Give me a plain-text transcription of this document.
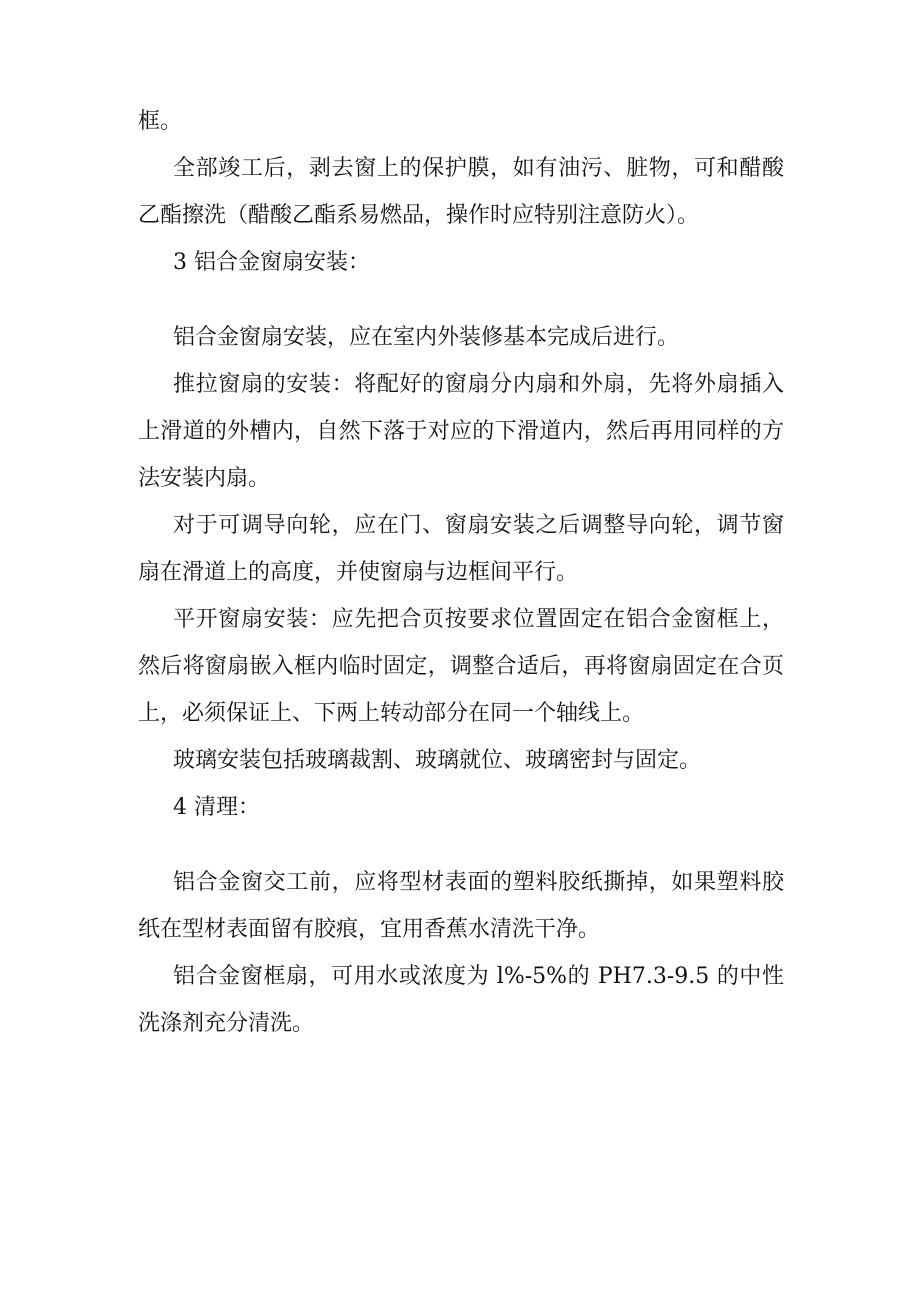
框。

全部竣工后，剥去窗上的保护膜，如有油污、脏物，可和醋酸乙酯擦洗（醋酸乙酯系易燃品，操作时应特别注意防火）。

3 铝合金窗扇安装：

铝合金窗扇安装，应在室内外装修基本完成后进行。

推拉窗扇的安装：将配好的窗扇分内扇和外扇，先将外扇插入上滑道的外槽内，自然下落于对应的下滑道内，然后再用同样的方法安装内扇。

对于可调导向轮，应在门、窗扇安装之后调整导向轮，调节窗扇在滑道上的高度，并使窗扇与边框间平行。

平开窗扇安装：应先把合页按要求位置固定在铝合金窗框上，然后将窗扇嵌入框内临时固定，调整合适后，再将窗扇固定在合页上，必须保证上、下两上转动部分在同一个轴线上。

玻璃安装包括玻璃裁割、玻璃就位、玻璃密封与固定。

4 清理：

铝合金窗交工前，应将型材表面的塑料胶纸撕掉，如果塑料胶纸在型材表面留有胶痕，宜用香蕉水清洗干净。

铝合金窗框扇，可用水或浓度为 l%-5%的 PH7.3-9.5 的中性洗涤剂充分清洗。
